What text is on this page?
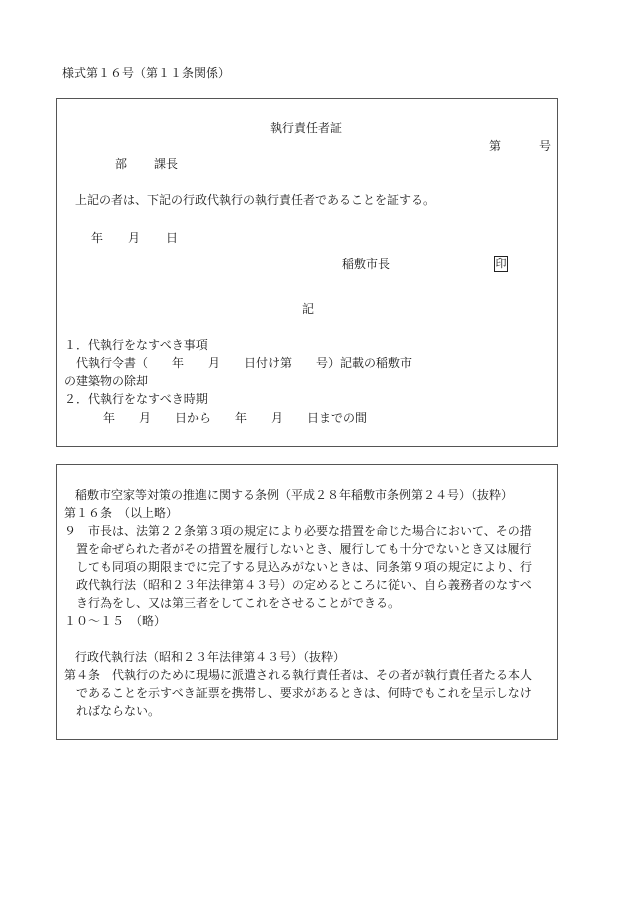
様式第１６号（第１１条関係）
執行責任者証
第	号
部 課長
上記の者は、下記の行政代執行の執行責任者であることを証する。
年 月 日
稲敷市長	印
記
１．代執行をなすべき事項
代執行令書（　　年　　月　　日付け第　　号）記載の稲敷市
の建築物の除却
２．代執行をなすべき時期
年　　月　　日から　　年　　月　　日までの間
稲敷市空家等対策の推進に関する条例（平成２８年稲敷市条例第２４号）（抜粋）
第１６条　（以上略）
９　市長は、法第２２条第３項の規定により必要な措置を命じた場合において、その措
置を命ぜられた者がその措置を履行しないとき、履行しても十分でないとき又は履行
しても同項の期限までに完了する見込みがないときは、同条第９項の規定により、行
政代執行法（昭和２３年法律第４３号）の定めるところに従い、自ら義務者のなすべ
き行為をし、又は第三者をしてこれをさせることができる。
１０～１５　（略）
行政代執行法（昭和２３年法律第４３号）（抜粋）
第４条　代執行のために現場に派遣される執行責任者は、その者が執行責任者たる本人
であることを示すべき証票を携帯し、要求があるときは、何時でもこれを呈示しなけ
ればならない。
